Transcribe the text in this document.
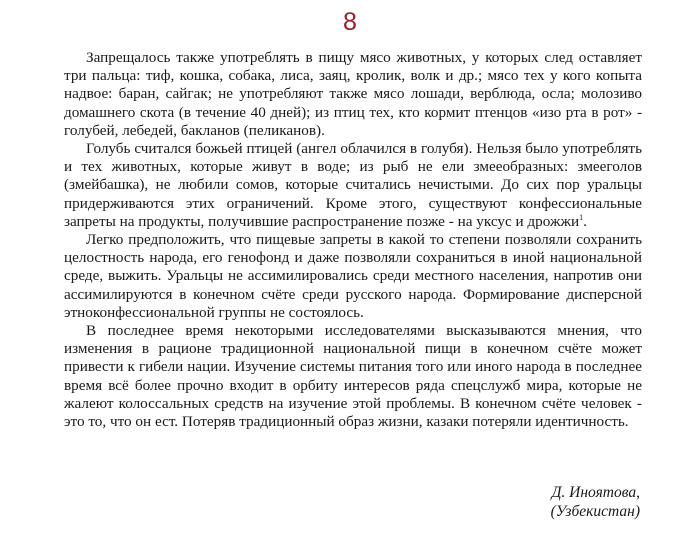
8

Запрещалось также употреблять в пищу мясо животных, у которых след оставляет три пальца: тиф, кошка, собака, лиса, заяц, кролик, волк и др.; мясо тех у кого копыта надвое: баран, сайгак; не употребляют также мясо лошади, верблюда, осла; молозиво домашнего скота (в течение 40 дней); из птиц тех, кто кормит птенцов «изо рта в рот» - голубей, лебедей, бакланов (пеликанов).

Голубь считался божьей птицей (ангел облачился в голубя). Нельзя было употреблять и тех животных, которые живут в воде; из рыб не ели змееобразных: змееголов (змейбашка), не любили сомов, которые считались нечистыми. До сих пор уральцы придерживаются этих ограничений. Кроме этого, существуют конфессиональные запреты на продукты, получившие распространение позже - на уксус и дрожжи$^1$.

Легко предположить, что пищевые запреты в какой то степени позволяли сохранить целостность народа, его генофонд и даже позволяли сохраниться в иной национальной среде, выжить. Уральцы не ассимилировались среди местного населения, напротив они ассимилируются в конечном счёте среди русского народа. Формирование дисперсной этноконфессиональной группы не состоялось.

В последнее время некоторыми исследователями высказываются мнения, что изменения в рационе традиционной национальной пищи в конечном счёте может привести к гибели нации. Изучение системы питания того или иного народа в последнее время всё более прочно входит в орбиту интересов ряда спецслужб мира, которые не жалеют колоссальных средств на изучение этой проблемы. В конечном счёте человек - это то, что он ест. Потеряв традиционный образ жизни, казаки потеряли идентичность.

Д. Иноятова,
(Узбекистан)
